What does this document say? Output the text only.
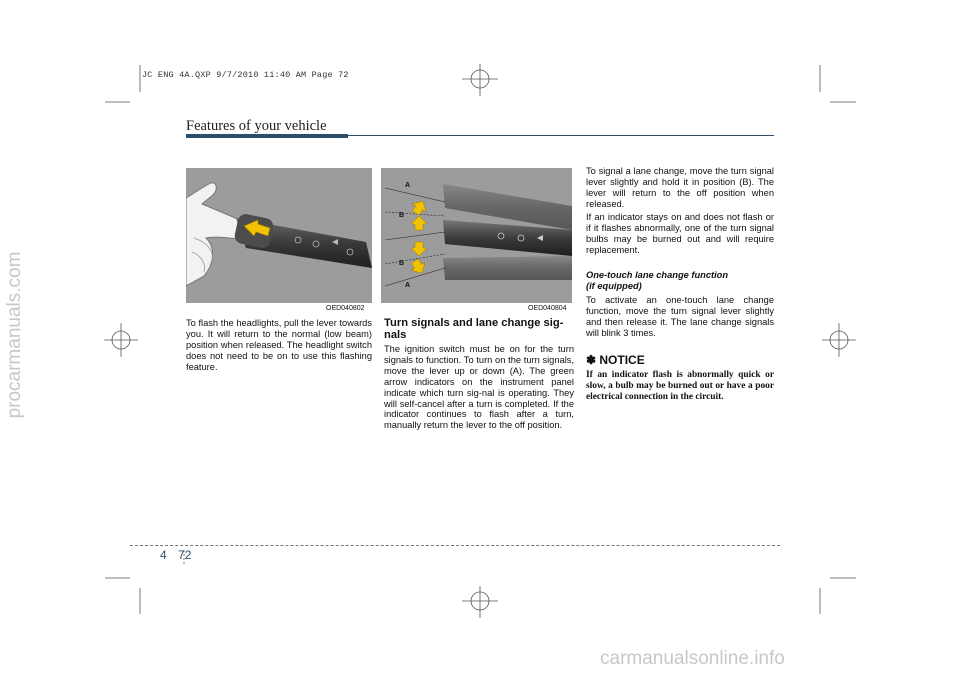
JC ENG 4A.QXP 9/7/2010 11:40 AM Page 72
procarmanuals.com
carmanualsonline.info
Features of your vehicle
OED040802
To flash the headlights, pull the lever towards you. It will return to the normal (low beam) position when released. The headlight switch does not need to be on to use this flashing feature.
A
B
B
A
OED040804
Turn signals and lane change sig-nals
The ignition switch must be on for the turn signals to function. To turn on the turn signals, move the lever up or down (A). The green arrow indicators on the instrument panel indicate which turn sig-nal is operating. They will self-cancel after a turn is completed. If the indicator continues to flash after a turn, manually return the lever to the off position.
To signal a lane change, move the turn signal lever slightly and hold it in position (B). The lever will return to the off position when released.
If an indicator stays on and does not flash or if it flashes abnormally, one of the turn signal bulbs may be burned out and will require replacement.
One-touch lane change function
(if equipped)
To activate an one-touch lane change function, move the turn signal lever slightly and then release it. The lane change signals will blink 3 times.
✽ NOTICE
If an indicator flash is abnormally quick or slow, a bulb may be burned out or have a poor electrical connection in the circuit.
4 72
